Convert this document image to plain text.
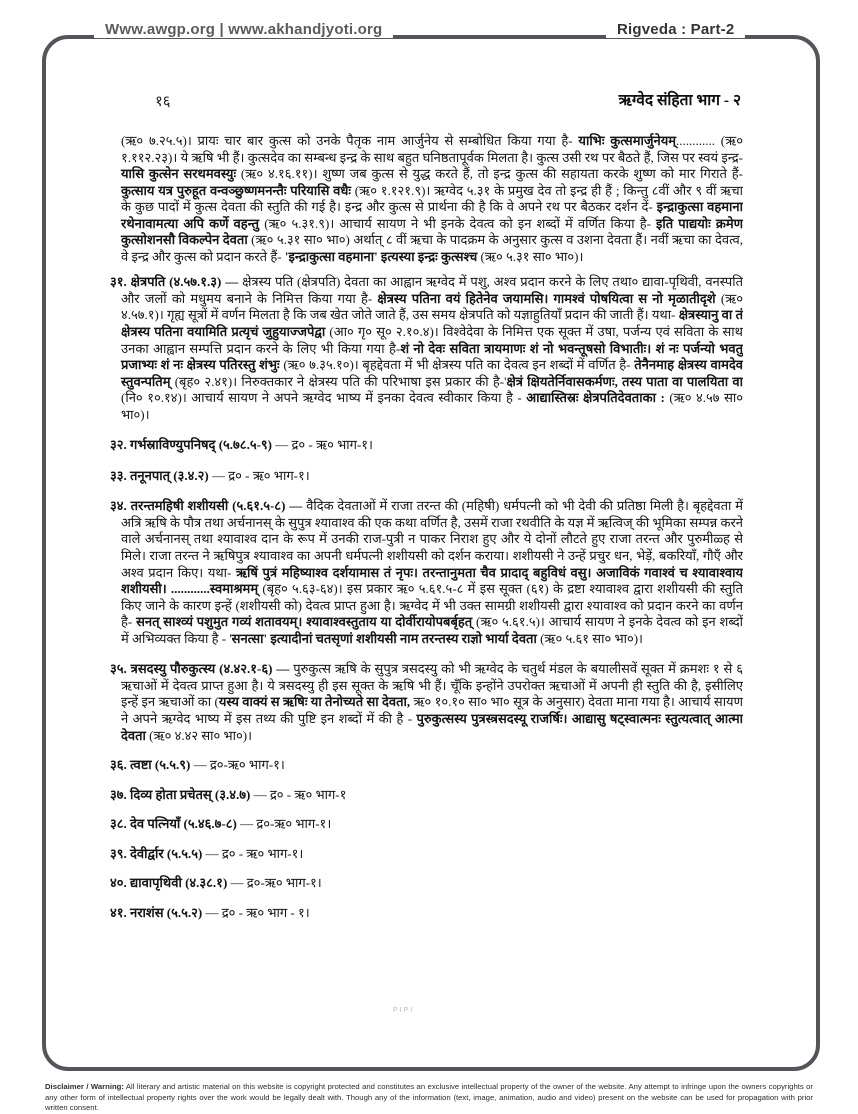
Www.awgp.org | www.akhandjyoti.org	Rigveda : Part-2
१६	ऋग्वेद संहिता भाग - २

(ऋ० ७.२५.५)। प्रायः चार बार कुत्स को उनके पैतृक नाम आर्जुनेय से सम्बोधित किया गया है- याभिः कुत्समार्जुनेयम्............ (ऋ० १.११२.२३)। ये ऋषि भी हैं। कुत्सदेव का सम्बन्ध इन्द्र के साथ बहुत घनिष्ठतापूर्वक मिलता है। कुत्स उसी रथ पर बैठते हैं, जिस पर स्वयं इन्द्र- यासि कुत्सेन सरथमवस्युः (ऋ० ४.१६.११)। शुष्ण जब कुत्स से युद्ध करते हैं, तो इन्द्र कुत्स की सहायता करके शुष्ण को मार गिराते हैं- कुत्साय यत्र पुरुहूत वन्वञ्छुष्णमनन्तैः परियासि वधैः (ऋ० १.१२१.९)। ऋग्वेद ५.३१ के प्रमुख देव तो इन्द्र ही हैं ; किन्तु ८वीं और ९ वीं ऋचा के कुछ पादों में कुत्स देवता की स्तुति की गई है। इन्द्र और कुत्स से प्रार्थना की है कि वे अपने रथ पर बैठकर दर्शन दें- इन्द्राकुत्सा वहमाना रथेनावामत्या अपि कर्णे वहन्तु (ऋ० ५.३१.९)। आचार्य सायण ने भी इनके देवत्व को इन शब्दों में वर्णित किया है- इति पाद्ययोः क्रमेण कुत्सोशनसौ विकल्पेन देवता (ऋ० ५.३१ सा० भा०) अर्थात् ८ वीं ऋचा के पादक्रम के अनुसार कुत्स व उशना देवता हैं। नवीं ऋचा का देवत्व, वे इन्द्र और कुत्स को प्रदान करते हैं- 'इन्द्राकुत्सा वहमाना' इत्यस्या इन्द्रः कुत्सश्च (ऋ० ५.३१ सा० भा०)।

३१. क्षेत्रपति (४.५७.१.३) — क्षेत्रस्य पति (क्षेत्रपति) देवता का आह्वान ऋग्वेद में पशु, अश्व प्रदान करने के लिए तथा० द्यावा-पृथिवी, वनस्पति और जलों को मधुमय बनाने के निमित्त किया गया है- क्षेत्रस्य पतिना वयं हितेनेव जयामसि। गामश्वं पोषयित्वा स नो मृळातीदृशे (ऋ० ४.५७.१)। गृह्य सूत्रों में वर्णन मिलता है कि जब खेत जोते जाते हैं, उस समय क्षेत्रपति को यज्ञाहुतियाँ प्रदान की जाती हैं। यथा- क्षेत्रस्यानु वा तं क्षेत्रस्य पतिना वयामिति प्रत्यृचं जुहुयाज्जपेद्वा (आ० गृ० सू० २.१०.४)। विश्वेदेवा के निमित्त एक सूक्त में उषा, पर्जन्य एवं सविता के साथ उनका आह्वान सम्पत्ति प्रदान करने के लिए भी किया गया है-शं नो देवः सविता त्रायमाणः शं नो भवन्तूषसो विभातीः। शं नः पर्जन्यो भवतु प्रजाभ्यः शं नः क्षेत्रस्य पतिरस्तु शंभुः (ऋ० ७.३५.१०)। बृहद्देवता में भी क्षेत्रस्य पति का देवत्व इन शब्दों में वर्णित है- तेनैनमाह क्षेत्रस्य वामदेव स्तुवन्पतिम् (बृह० २.४१)। निरुक्तकार ने क्षेत्रस्य पति की परिभाषा इस प्रकार की है-'क्षेत्रं क्षियतेर्निवासकर्मणः, तस्य पाता वा पालयिता वा (नि० १०.१४)। आचार्य सायण ने अपने ऋग्वेद भाष्य में इनका देवत्व स्वीकार किया है - आद्यास्तिस्रः क्षेत्रपतिदेवताका : (ऋ० ४.५७ सा० भा०)।

३२. गर्भस्राविण्युपनिषद् (५.७८.५-९) — द्र० - ऋ० भाग-१।

३३. तनूनपात् (३.४.२) — द्र० - ऋ० भाग-१।

३४. तरन्तमहिषी शशीयसी (५.६१.५-८) — वैदिक देवताओं में राजा तरन्त की (महिषी) धर्मपत्नी को भी देवी की प्रतिष्ठा मिली है। बृहद्देवता में अत्रि ऋषि के पौत्र तथा अर्चनानस् के सुपुत्र श्यावाश्व की एक कथा वर्णित है, उसमें राजा रथवीति के यज्ञ में ऋत्विज् की भूमिका सम्पन्न करने वाले अर्चनानस् तथा श्यावाश्व दान के रूप में उनकी राज-पुत्री न पाकर निराश हुए और ये दोनों लौटते हुए राजा तरन्त और पुरुमीळ्ह से मिले। राजा तरन्त ने ऋषिपुत्र श्यावाश्व का अपनी धर्मपत्नी शशीयसी को दर्शन कराया। शशीयसी ने उन्हें प्रचुर धन, भेड़ें, बकरियाँ, गौएँ और अश्व प्रदान किए। यथा- ऋषिं पुत्रं महिष्याश्व दर्शयामास तं नृपः। तरन्तानुमता चैव प्रादाद् बहुविधं वसु। अजाविकं गवाश्वं च श्यावाश्वाय शशीयसी। ............स्वमाश्रमम् (बृह० ५.६३-६४)। इस प्रकार ऋ० ५.६१.५-८ में इस सूक्त (६१) के द्रष्टा श्यावाश्व द्वारा शशीयसी की स्तुति किए जाने के कारण इन्हें (शशीयसी को) देवत्व प्राप्त हुआ है। ऋग्वेद में भी उक्त सामग्री शशीयसी द्वारा श्यावाश्व को प्रदान करने का वर्णन है- सनत् साश्व्यं पशुमुत गव्यं शतावयम्। श्यावाश्वस्तुताय या दोर्वीरायोपबर्बृहत् (ऋ० ५.६१.५)। आचार्य सायण ने इनके देवत्व को इन शब्दों में अभिव्यक्त किया है - 'सनत्सा' इत्यादीनां चतसृणां शशीयसी नाम तरन्तस्य राज्ञो भार्या देवता (ऋ० ५.६१ सा० भा०)।

३५. त्रसदस्यु पौरुकुत्स्य (४.४२.१-६) — पुरुकुत्स ऋषि के सुपुत्र त्रसदस्यु को भी ऋग्वेद के चतुर्थ मंडल के बयालीसवें सूक्त में क्रमशः १ से ६ ऋचाओं में देवत्व प्राप्त हुआ है। ये त्रसदस्यु ही इस सूक्त के ऋषि भी हैं। चूँकि इन्होंने उपरोक्त ऋचाओं में अपनी ही स्तुति की है, इसीलिए इन्हें इन ऋचाओं का (यस्य वाक्यं स ऋषिः या तेनोच्यते सा देवता, ऋ० १०.१० सा० भा० सूत्र के अनुसार) देवता माना गया है। आचार्य सायण ने अपने ऋग्वेद भाष्य में इस तथ्य की पुष्टि इन शब्दों में की है - पुरुकुत्सस्य पुत्रस्त्रसदस्यू राजर्षिः। आद्यासु षट्स्वात्मनः स्तुत्यत्वात् आत्मा देवता (ऋ० ४.४२ सा० भा०)।

३६. त्वष्टा (५.५.९) — द्र०-ऋ० भाग-१।

३७. दिव्य होता प्रचेतस् (३.४.७) — द्र० - ऋ० भाग-१

३८. देव पत्नियाँ (५.४६.७-८) — द्र०-ऋ० भाग-१।

३९. देवीर्द्वार (५.५.५) — द्र० - ऋ० भाग-१।

४०. द्यावापृथिवी (४.३८.१) — द्र०-ऋ० भाग-१।

४१. नराशंस (५.५.२) — द्र० - ऋ० भाग - १।

PIPI
Disclaimer / Warning: All literary and artistic material on this website is copyright protected and constitutes an exclusive intellectual property of the owner of the website. Any attempt to infringe upon the owners copyrights or any other form of intellectual property rights over the work would be legally dealt with. Though any of the information (text, image, animation, audio and video) present on the website can be used for propagation with prior written consent.
